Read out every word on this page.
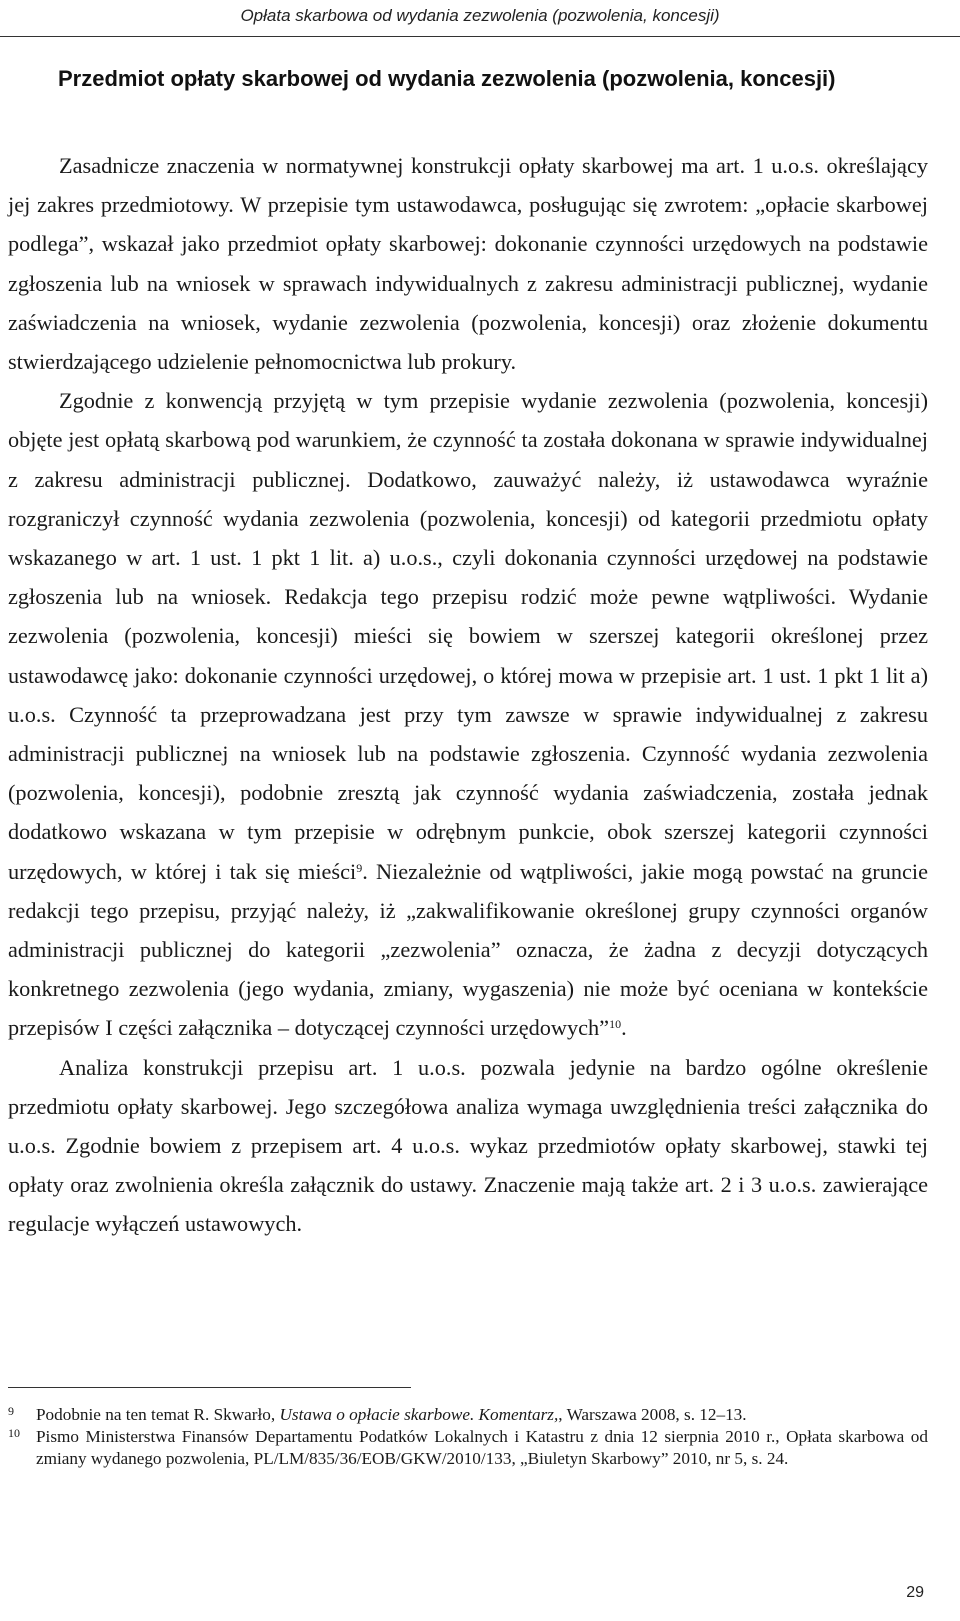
Opłata skarbowa od wydania zezwolenia (pozwolenia, koncesji)
Przedmiot opłaty skarbowej od wydania zezwolenia (pozwolenia, koncesji)

Zasadnicze znaczenia w normatywnej konstrukcji opłaty skarbowej ma art. 1 u.o.s. określający jej zakres przedmiotowy. W przepisie tym ustawodawca, posługując się zwrotem: „opłacie skarbowej podlega”, wskazał jako przedmiot opłaty skarbowej: dokonanie czynności urzędowych na podstawie zgłoszenia lub na wniosek w sprawach indywidualnych z zakresu administracji publicznej, wydanie zaświadczenia na wniosek, wydanie zezwolenia (pozwolenia, koncesji) oraz złożenie dokumentu stwierdzającego udzielenie pełnomocnictwa lub prokury.

Zgodnie z konwencją przyjętą w tym przepisie wydanie zezwolenia (pozwolenia, koncesji) objęte jest opłatą skarbową pod warunkiem, że czynność ta została dokonana w sprawie indywidualnej z zakresu administracji publicznej. Dodatkowo, zauważyć należy, iż ustawodawca wyraźnie rozgraniczył czynność wydania zezwolenia (pozwolenia, koncesji) od kategorii przedmiotu opłaty wskazanego w art. 1 ust. 1 pkt 1 lit. a) u.o.s., czyli dokonania czynności urzędowej na podstawie zgłoszenia lub na wniosek. Redakcja tego przepisu rodzić może pewne wątpliwości. Wydanie zezwolenia (pozwolenia, koncesji) mieści się bowiem w szerszej kategorii określonej przez ustawodawcę jako: dokonanie czynności urzędowej, o której mowa w przepisie art. 1 ust. 1 pkt 1 lit a) u.o.s. Czynność ta przeprowadzana jest przy tym zawsze w sprawie indywidualnej z zakresu administracji publicznej na wniosek lub na podstawie zgłoszenia. Czynność wydania zezwolenia (pozwolenia, koncesji), podobnie zresztą jak czynność wydania zaświadczenia, została jednak dodatkowo wskazana w tym przepisie w odrębnym punkcie, obok szerszej kategorii czynności urzędowych, w której i tak się mieści$^9$. Niezależnie od wątpliwości, jakie mogą powstać na gruncie redakcji tego przepisu, przyjąć należy, iż „zakwalifikowanie określonej grupy czynności organów administracji publicznej do kategorii „zezwolenia” oznacza, że żadna z decyzji dotyczących konkretnego zezwolenia (jego wydania, zmiany, wygaszenia) nie może być oceniana w kontekście przepisów I części załącznika – dotyczącej czynności urzędowych”$^{10}$.

Analiza konstrukcji przepisu art. 1 u.o.s. pozwala jedynie na bardzo ogólne określenie przedmiotu opłaty skarbowej. Jego szczegółowa analiza wymaga uwzględnienia treści załącznika do u.o.s. Zgodnie bowiem z przepisem art. 4 u.o.s. wykaz przedmiotów opłaty skarbowej, stawki tej opłaty oraz zwolnienia określa załącznik do ustawy. Znaczenie mają także art. 2 i 3 u.o.s. zawierające regulacje wyłączeń ustawowych.

9 Podobnie na ten temat R. Skwarło, Ustawa o opłacie skarbowe. Komentarz,, Warszawa 2008, s. 12–13.
10 Pismo Ministerstwa Finansów Departamentu Podatków Lokalnych i Katastru z dnia 12 sierpnia 2010 r., Opłata skarbowa od zmiany wydanego pozwolenia, PL/LM/835/36/EOB/GKW/2010/133, „Biuletyn Skarbowy” 2010, nr 5, s. 24.
29
